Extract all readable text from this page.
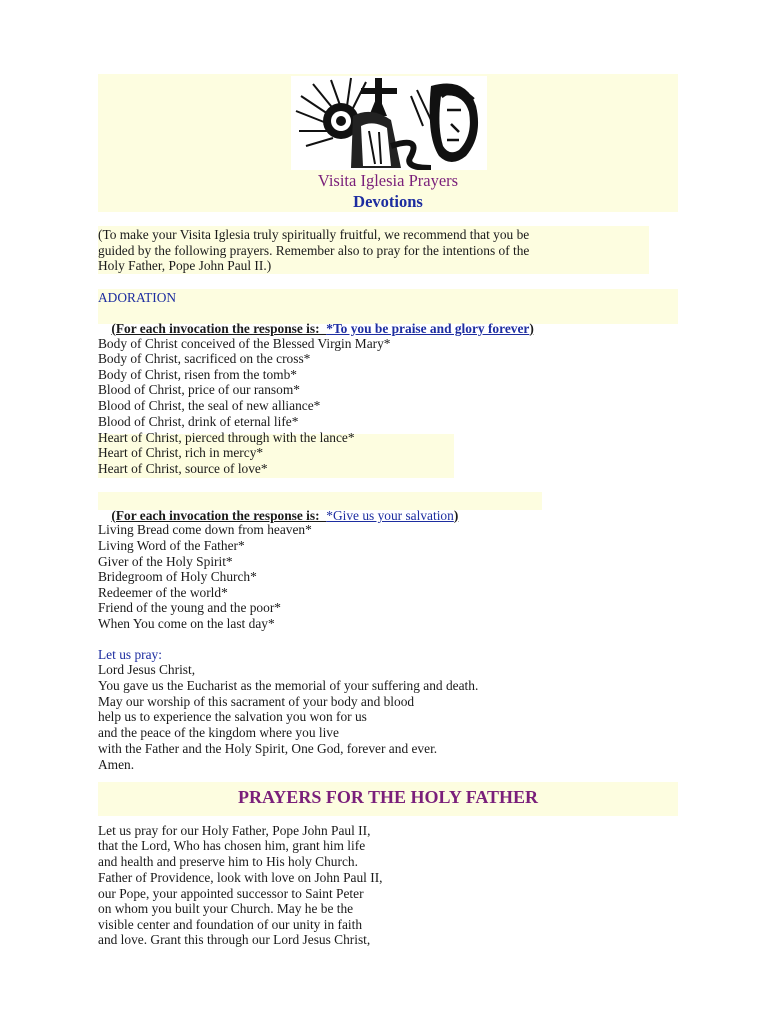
Visita Iglesia Prayers
Devotions
(To make your Visita Iglesia truly spiritually fruitful, we recommend that you be
guided by the following prayers. Remember also to pray for the intentions of the
Holy Father, Pope John Paul II.)
ADORATION

(For each invocation the response is:  *To you be praise and glory forever)

Body of Christ conceived of the Blessed Virgin Mary*
Body of Christ, sacrificed on the cross*
Body of Christ, risen from the tomb*
Blood of Christ, price of our ransom*
Blood of Christ, the seal of new alliance*
Blood of Christ, drink of eternal life*
Heart of Christ, pierced through with the lance*
Heart of Christ, rich in mercy*
Heart of Christ, source of love*

(For each invocation the response is:  *Give us your salvation)

Living Bread come down from heaven*
Living Word of the Father*
Giver of the Holy Spirit*
Bridegroom of Holy Church*
Redeemer of the world*
Friend of the young and the poor*
When You come on the last day*
Let us pray:
Lord Jesus Christ,
You gave us the Eucharist as the memorial of your suffering and death.
May our worship of this sacrament of your body and blood
help us to experience the salvation you won for us
and the peace of the kingdom where you live
with the Father and the Holy Spirit, One God, forever and ever.
Amen.
PRAYERS FOR THE HOLY FATHER
Let us pray for our Holy Father, Pope John Paul II,
that the Lord, Who has chosen him, grant him life
and health and preserve him to His holy Church.
Father of Providence, look with love on John Paul II,
our Pope, your appointed successor to Saint Peter
on whom you built your Church. May he be the
visible center and foundation of our unity in faith
and love. Grant this through our Lord Jesus Christ,
